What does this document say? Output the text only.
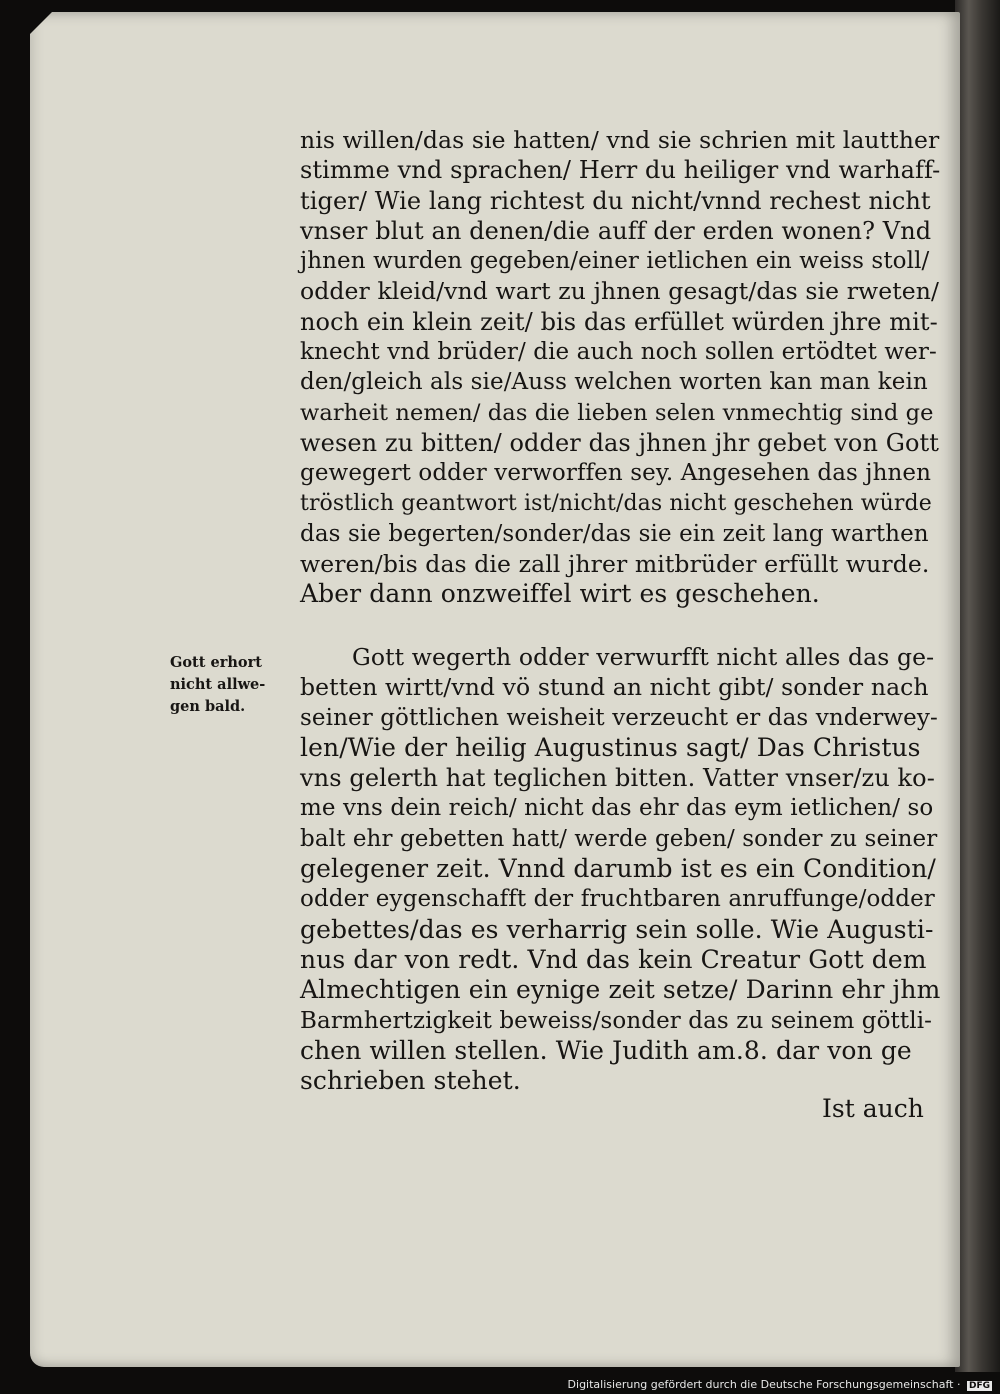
nis willen/das sie hatten/ vnd sie schrien mit lautther
stimme vnd sprachen/ Herr du heiliger vnd warhaff-
tiger/ Wie lang richtest du nicht/vnnd rechest nicht
vnser blut an denen/die auff der erden wonen? Vnd
jhnen wurden gegeben/einer ietlichen ein weiss stoll/
odder kleid/vnd wart zu jhnen gesagt/das sie rweten/
noch ein klein zeit/ bis das erfüllet würden jhre mit-
knecht vnd brüder/ die auch noch sollen ertödtet wer-
den/gleich als sie/Auss welchen worten kan man kein
warheit nemen/ das die lieben selen vnmechtig sind ge
wesen zu bitten/ odder das jhnen jhr gebet von Gott
gewegert odder verworffen sey. Angesehen das jhnen
tröstlich geantwort ist/nicht/das nicht geschehen würde
das sie begerten/sonder/das sie ein zeit lang warthen
weren/bis das die zall jhrer mitbrüder erfüllt wurde.
Aber dann onzweiffel wirt es geschehen.
Gott erhort
nicht allwe-
gen bald.
Gott wegerth odder verwurfft nicht alles das ge-
betten wirtt/vnd vö stund an nicht gibt/ sonder nach
seiner göttlichen weisheit verzeucht er das vnderwey-
len/Wie der heilig Augustinus sagt/ Das Christus
vns gelerth hat teglichen bitten. Vatter vnser/zu ko-
me vns dein reich/ nicht das ehr das eym ietlichen/ so
balt ehr gebetten hatt/ werde geben/ sonder zu seiner
gelegener zeit. Vnnd darumb ist es ein Condition/
odder eygenschafft der fruchtbaren anruffunge/odder
gebettes/das es verharrig sein solle. Wie Augusti-
nus dar von redt. Vnd das kein Creatur Gott dem
Almechtigen ein eynige zeit setze/ Darinn ehr jhm
Barmhertzigkeit beweiss/sonder das zu seinem göttli-
chen willen stellen. Wie Judith am.8. dar von ge
schrieben stehet.
Ist auch
Digitalisierung gefördert durch die Deutsche Forschungsgemeinschaft · DFG
